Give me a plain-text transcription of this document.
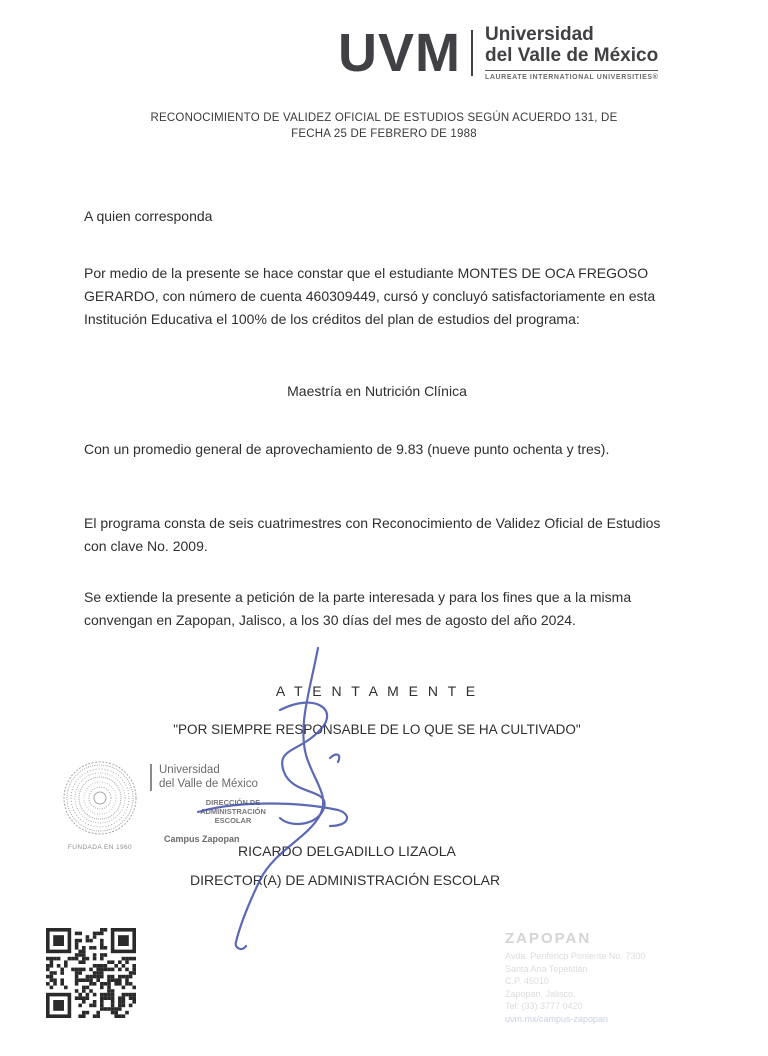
UVM Universidad
del Valle de México
LAUREATE INTERNATIONAL UNIVERSITIES®
RECONOCIMIENTO DE VALIDEZ OFICIAL DE ESTUDIOS SEGÚN ACUERDO 131, DE
FECHA 25 DE FEBRERO DE 1988
A quien corresponda
Por medio de la presente se hace constar que el estudiante MONTES DE OCA FREGOSO GERARDO, con número de cuenta 460309449, cursó y concluyó satisfactoriamente en esta Institución Educativa el 100% de los créditos del plan de estudios del programa:
Maestría en Nutrición Clínica
Con un promedio general de aprovechamiento de 9.83 (nueve punto ochenta y tres).
El programa consta de seis cuatrimestres con Reconocimiento de Validez Oficial de Estudios con clave No. 2009.
Se extiende la presente a petición de la parte interesada y para los fines que a la misma convengan en Zapopan, Jalisco, a los 30 días del mes de agosto del año 2024.
A T E N T A M E N T E
"POR SIEMPRE RESPONSABLE DE LO QUE SE HA CULTIVADO"
FUNDADA EN 1960
Universidad
del Valle de México
DIRECCIÓN DE
ADMINISTRACIÓN ESCOLAR
Campus Zapopan
RICARDO DELGADILLO LIZAOLA
DIRECTOR(A) DE ADMINISTRACIÓN ESCOLAR
ZAPOPAN
Avda. Periférico Poniente No. 7300
Santa Ana Tepetitlán
C.P. 45010
Zapopan, Jalisco.
Tel: (33) 3777 0420
uvm.mx/campus-zapopan
